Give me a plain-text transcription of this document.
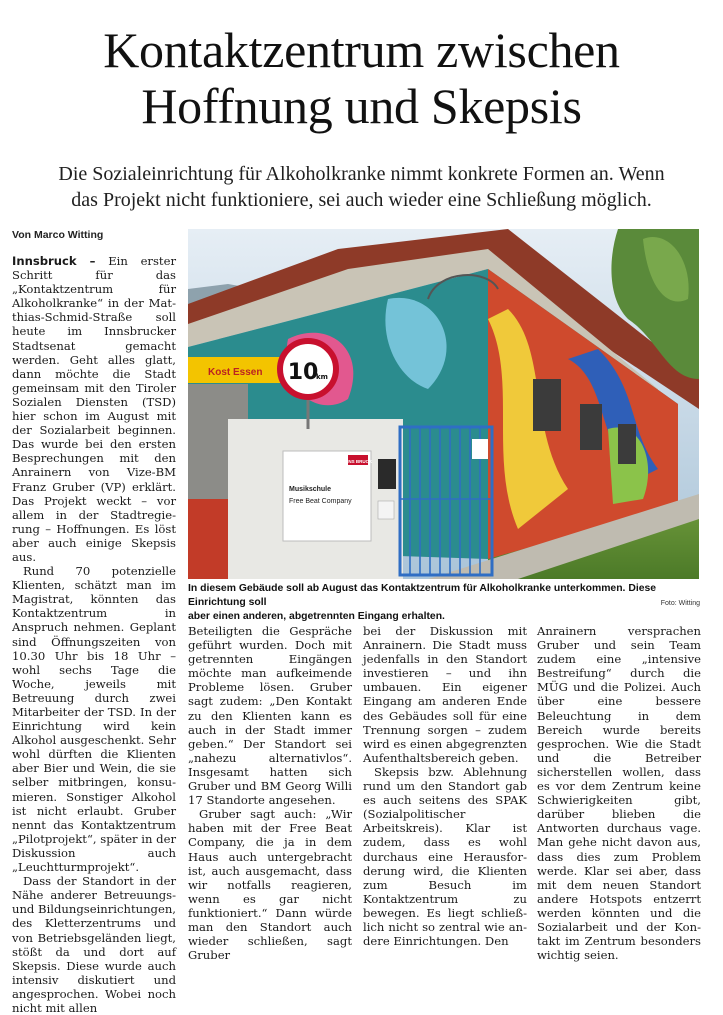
Kontaktzentrum zwischen
Hoffnung und Skepsis

Die Sozialeinrichtung für Alkoholkranke nimmt konkrete Formen an. Wenn
das Projekt nicht funktioniere, sei auch wieder eine Schließung möglich.

Von Marco Witting

Innsbruck – Ein erster Schritt für das „Kontaktzentrum für Alkoholkranke“ in der Matthias-Schmid-Straße soll heute im Innsbrucker Stadtsenat gemacht werden. Geht alles glatt, dann möchte die Stadt gemeinsam mit den Tiroler Sozialen Diensten (TSD) hier schon im August mit der Sozialarbeit beginnen. Das wurde bei den ersten Besprechungen mit den Anrainern von Vize-BM Franz Gruber (VP) erklärt. Das Projekt weckt – vor allem in der Stadtregierung – Hoffnungen. Es löst aber auch einige Skepsis aus.

Rund 70 potenzielle Klienten, schätzt man im Magistrat, könnten das Kontaktzentrum in Anspruch nehmen. Geplant sind Öffnungszeiten von 10.30 Uhr bis 18 Uhr – wohl sechs Tage die Woche, jeweils mit Betreuung durch zwei Mitarbeiter der TSD. In der Einrichtung wird kein Alkohol ausgeschenkt. Sehr wohl dürften die Klienten aber Bier und Wein, die sie selber mitbringen, konsumieren. Sonstiger Alkohol ist nicht erlaubt. Gruber nennt das Kontaktzentrum „Pilotprojekt“, später in der Diskussion auch „Leuchtturmprojekt“.

Dass der Standort in der Nähe anderer Betreuungs- und Bildungseinrichtungen, des Kletterzentrums und von Betriebsgeländen liegt, stößt da und dort auf Skepsis. Diese wurde auch intensiv diskutiert und angesprochen. Wobei noch nicht mit allen

Kost Essen
INNS BRUCK
Musikschule
Free Beat Company
10
km
In diesem Gebäude soll ab August das Kontaktzentrum für Alkoholkranke unterkommen. Diese Einrichtung soll
aber einen anderen, abgetrennten Eingang erhalten.
Foto: Witting

Beteiligten die Gespräche geführt wurden. Doch mit getrennten Eingängen möchte man aufkeimende Probleme lösen. Gruber sagt zudem: „Den Kontakt zu den Klienten kann es auch in der Stadt immer geben.“ Der Standort sei „nahezu alternativlos“. Insgesamt hatten sich Gruber und BM Georg Willi 17 Standorte angesehen.

Gruber sagt auch: „Wir haben mit der Free Beat Company, die ja in dem Haus auch untergebracht ist, auch ausgemacht, dass wir notfalls reagieren, wenn es gar nicht funktioniert.“ Dann würde man den Standort auch wieder schließen, sagt Gruber

bei der Diskussion mit Anrainern. Die Stadt muss jedenfalls in den Standort investieren – und ihn umbauen. Ein eigener Eingang am anderen Ende des Gebäudes soll für eine Trennung sorgen – zudem wird es einen abgegrenzten Aufenthaltsbereich geben.

Skepsis bzw. Ablehnung rund um den Standort gab es auch seitens des SPAK (Sozialpolitischer Arbeitskreis). Klar ist zudem, dass es wohl durchaus eine Herausforderung wird, die Klienten zum Besuch im Kontaktzentrum zu bewegen. Es liegt schließlich nicht so zentral wie andere Einrichtungen. Den

Anrainern versprachen Gruber und sein Team zudem eine „intensive Bestreifung“ durch die MÜG und die Polizei. Auch über eine bessere Beleuchtung in dem Bereich wurde bereits gesprochen. Wie die Stadt und die Betreiber sicherstellen wollen, dass es vor dem Zentrum keine Schwierigkeiten gibt, darüber blieben die Antworten durchaus vage. Man gehe nicht davon aus, dass dies zum Problem werde. Klar sei aber, dass mit dem neuen Standort andere Hotspots entzerrt werden könnten und die Sozialarbeit und der Kontakt im Zentrum besonders wichtig seien.
